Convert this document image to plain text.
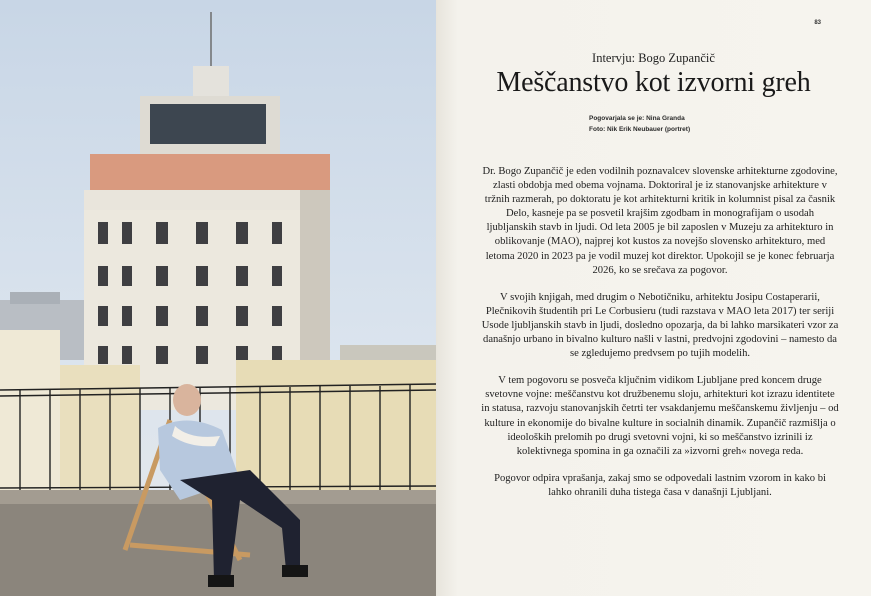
83
Intervju: Bogo Zupančič
Meščanstvo kot izvorni greh
Pogovarjala se je: Nina Granda
Foto: Nik Erik Neubauer (portret)

Dr. Bogo Zupančič je eden vodilnih poznavalcev slovenske arhitekturne zgodovine, zlasti obdobja med obema vojnama. Doktoriral je iz stanovanjske arhitekture v tržnih razmerah, po doktoratu je kot arhitekturni kritik in kolumnist pisal za časnik Delo, kasneje pa se posvetil krajšim zgodbam in monografijam o usodah ljubljanskih stavb in ljudi. Od leta 2005 je bil zaposlen v Muzeju za arhitekturo in oblikovanje (MAO), najprej kot kustos za novejšo slovensko arhitekturo, med letoma 2020 in 2023 pa je vodil muzej kot direktor. Upokojil se je konec februarja 2026, ko se srečava za pogovor.

V svojih knjigah, med drugim o Nebotičniku, arhitektu Josipu Costaperarii, Plečnikovih študentih pri Le Corbusieru (tudi razstava v MAO leta 2017) ter seriji Usode ljubljanskih stavb in ljudi, dosledno opozarja, da bi lahko marsikateri vzor za današnjo urbano in bivalno kulturo našli v lastni, predvojni zgodovini – namesto da se zgledujemo predvsem po tujih modelih.

V tem pogovoru se posveča ključnim vidikom Ljubljane pred koncem druge svetovne vojne: meščanstvu kot družbenemu sloju, arhitekturi kot izrazu identitete in statusa, razvoju stanovanjskih četrti ter vsakdanjemu meščanskemu življenju – od kulture in ekonomije do bivalne kulture in socialnih dinamik. Zupančič razmišlja o ideoloških prelomih po drugi svetovni vojni, ki so meščanstvo izrinili iz kolektivnega spomina in ga označili za »izvorni greh« novega reda.

Pogovor odpira vprašanja, zakaj smo se odpovedali lastnim vzorom in kako bi lahko ohranili duha tistega časa v današnji Ljubljani.
